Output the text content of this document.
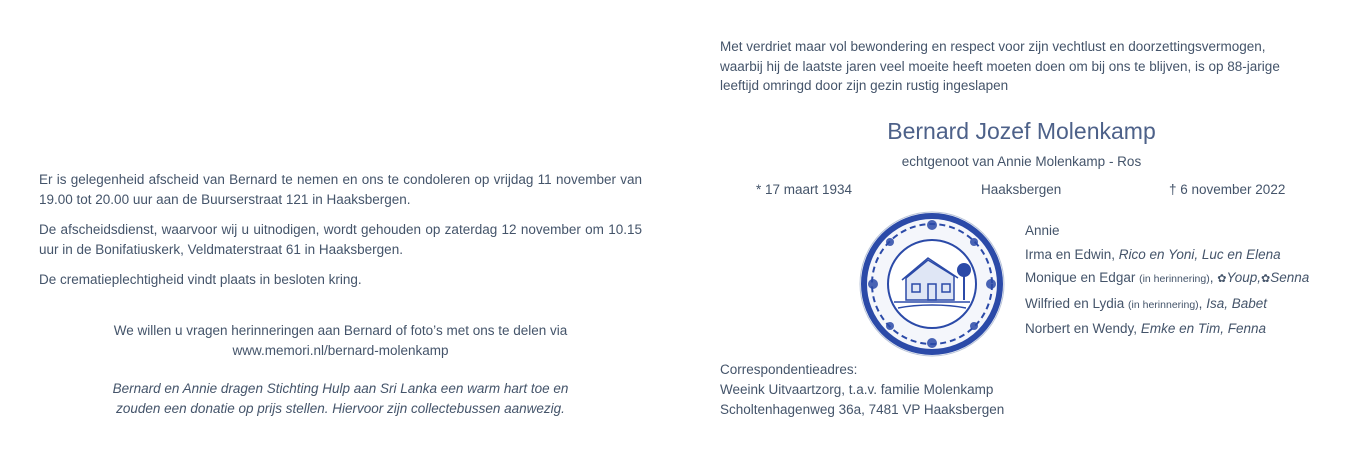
Er is gelegenheid afscheid van Bernard te nemen en ons te condoleren op vrijdag 11 november van 19.00 tot 20.00 uur aan de Buurserstraat 121 in Haaksbergen.

De afscheidsdienst, waarvoor wij u uitnodigen, wordt gehouden op zaterdag 12 november om 10.15 uur in de Bonifatiuskerk, Veldmaterstraat 61 in Haaksbergen.

De crematieplechtigheid vindt plaats in besloten kring.

We willen u vragen herinneringen aan Bernard of foto’s met ons te delen via
www.memori.nl/bernard-molenkamp
Bernard en Annie dragen Stichting Hulp aan Sri Lanka een warm hart toe en
zouden een donatie op prijs stellen. Hiervoor zijn collectebussen aanwezig.
Met verdriet maar vol bewondering en respect voor zijn vechtlust en doorzettingsvermogen,
waarbij hij de laatste jaren veel moeite heeft moeten doen om bij ons te blijven, is op 88-jarige
leeftijd omringd door zijn gezin rustig ingeslapen
Bernard Jozef Molenkamp
echtgenoot van Annie Molenkamp - Ros
* 17 maart 1934	Haaksbergen	† 6 november 2022
Annie
Irma en Edwin, Rico en Yoni, Luc en Elena
Monique en Edgar (in herinnering), ✿Youp,✿Senna
Wilfried en Lydia (in herinnering), Isa, Babet
Norbert en Wendy, Emke en Tim, Fenna
Correspondentieadres:
Weeink Uitvaartzorg, t.a.v. familie Molenkamp
Scholtenhagenweg 36a, 7481 VP Haaksbergen
